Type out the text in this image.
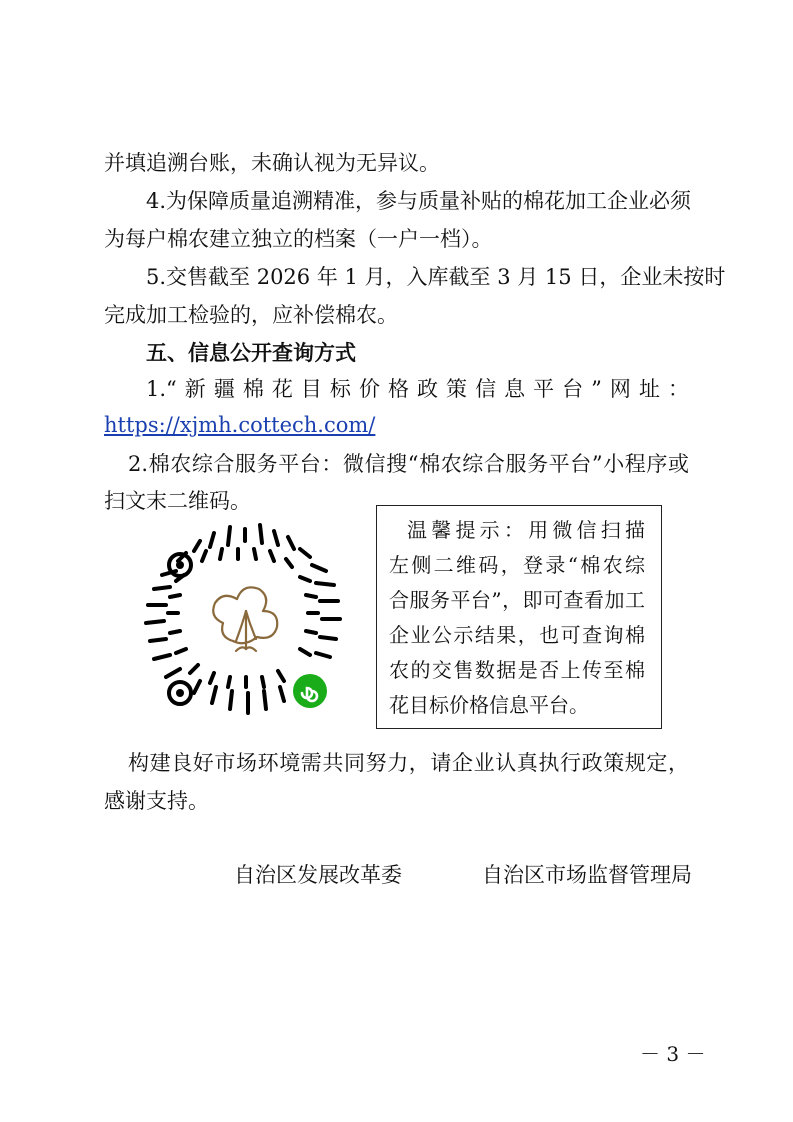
并填追溯台账，未确认视为无异议。
4.为保障质量追溯精准，参与质量补贴的棉花加工企业必须
为每户棉农建立独立的档案（一户一档）。
5.交售截至 2026 年 1 月，入库截至 3 月 15 日，企业未按时
完成加工检验的，应补偿棉农。
五、信息公开查询方式
1.“新疆棉花目标价格政策信息平台”网址：
https://xjmh.cottech.com/
2.棉农综合服务平台：微信搜“棉农综合服务平台”小程序或
扫文末二维码。
温馨提示：用微信扫描
左侧二维码，登录“棉农综
合服务平台”，即可查看加工
企业公示结果，也可查询棉
农的交售数据是否上传至棉
花目标价格信息平台。
构建良好市场环境需共同努力，请企业认真执行政策规定，
感谢支持。
自治区发展改革委	自治区市场监督管理局
－ 3 －
